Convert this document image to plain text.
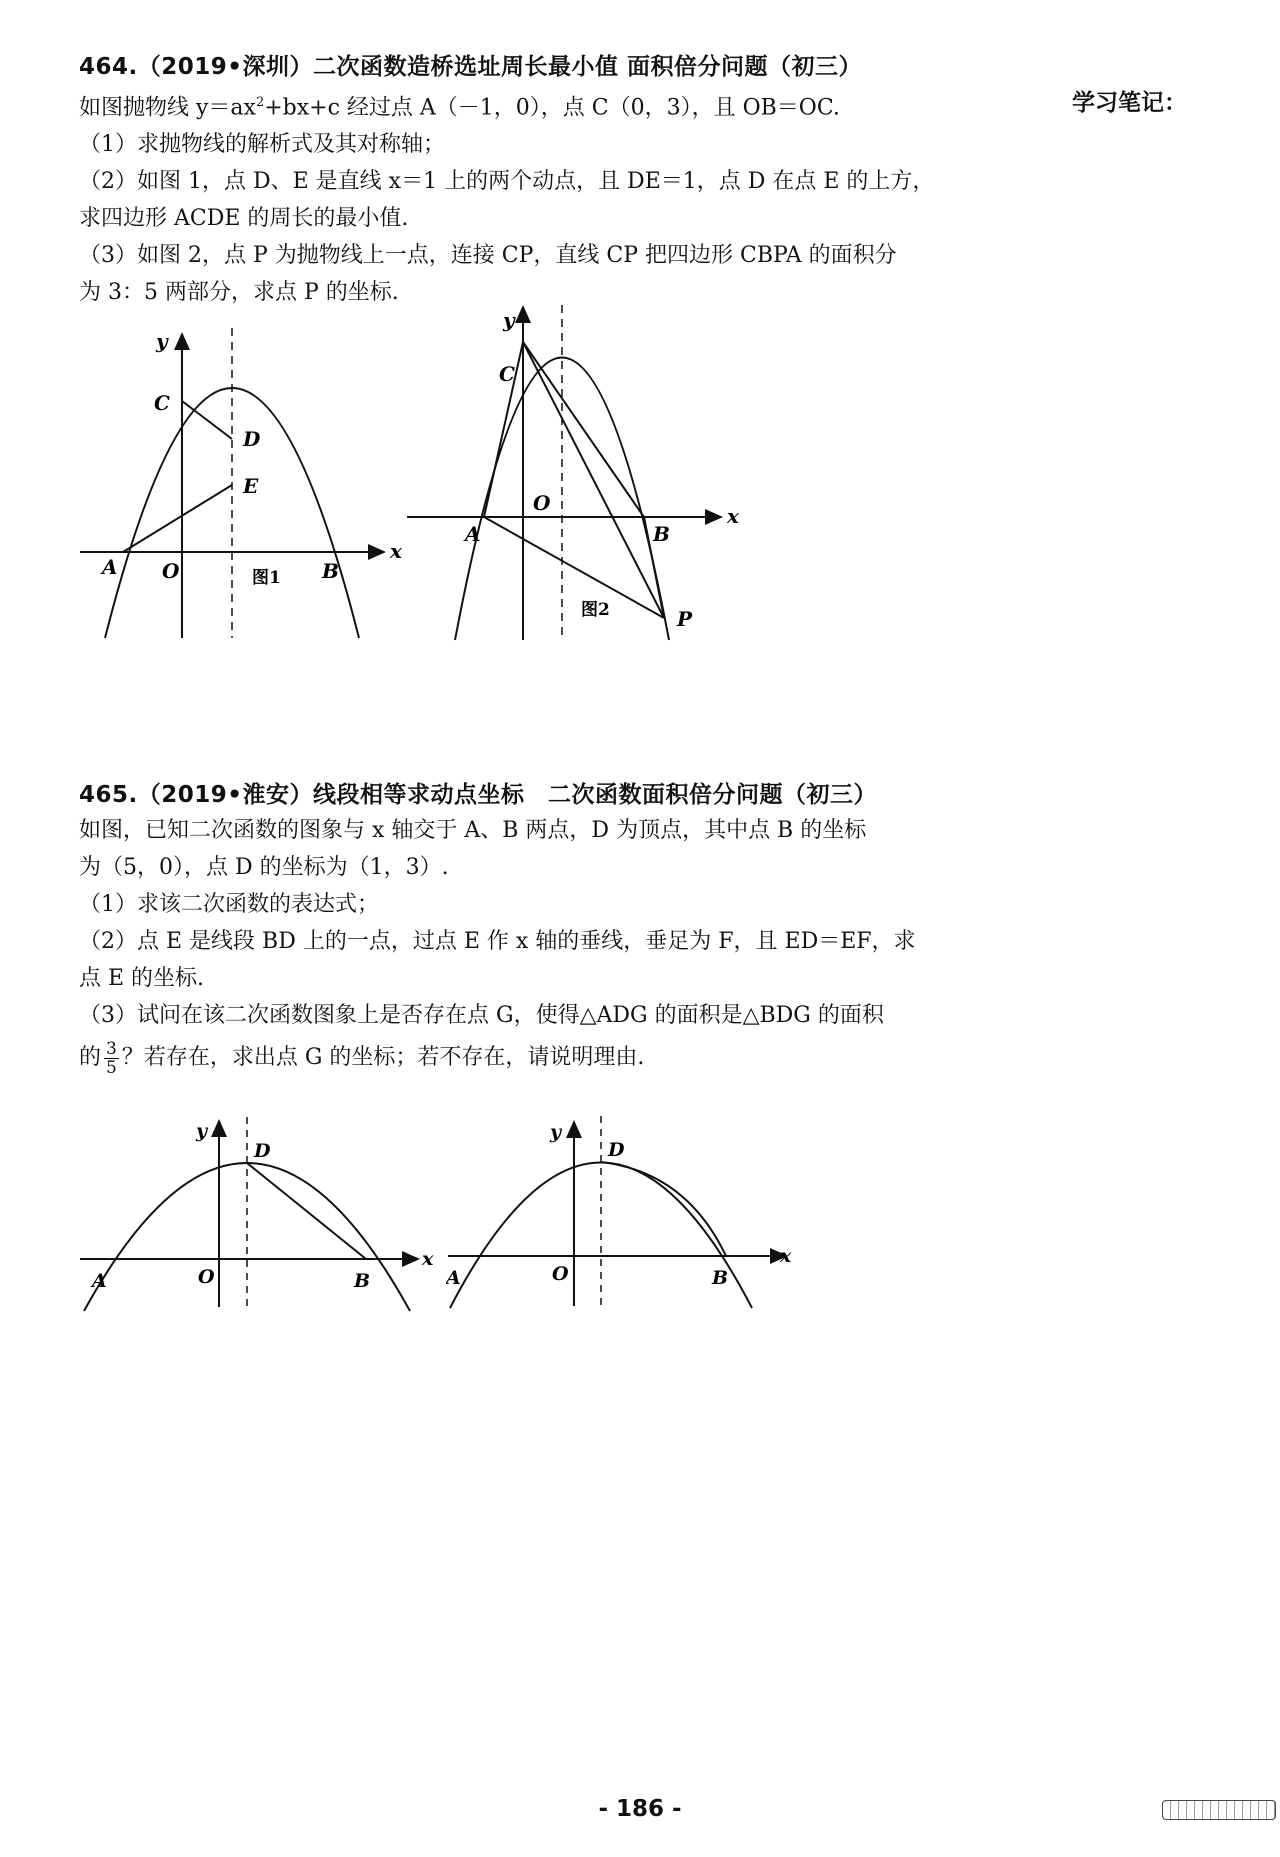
学习笔记：
464.（2019•深圳）二次函数造桥选址周长最小值 面积倍分问题（初三）
如图抛物线 $y=ax^2+bx+c$ 经过点 A（－1，0），点 C（0，3），且 OB＝OC.
（1）求抛物线的解析式及其对称轴；
（2）如图 1，点 D、E 是直线 x＝1 上的两个动点，且 DE＝1，点 D 在点 E 的上方，
求四边形 ACDE 的周长的最小值.
（3）如图 2，点 P 为抛物线上一点，连接 CP，直线 CP 把四边形 CBPA 的面积分
为 3：5 两部分，求点 P 的坐标.
y
x
C
D
E
A O	B
图1
y
x
C
O
A	B
P
图2
465.（2019•淮安）线段相等求动点坐标　二次函数面积倍分问题（初三）
如图，已知二次函数的图象与 x 轴交于 A、B 两点，D 为顶点，其中点 B 的坐标
为（5，0），点 D 的坐标为（1，3）.
（1）求该二次函数的表达式；
（2）点 E 是线段 BD 上的一点，过点 E 作 x 轴的垂线，垂足为 F，且 ED＝EF，求
点 E 的坐标.
（3）试问在该二次函数图象上是否存在点 G，使得△ADG 的面积是△BDG 的面积
的 $\frac{3}{5}$ ？若存在，求出点 G 的坐标；若不存在，请说明理由.
y
D
x
A	O	B
y
D
x
A	O	B
- 186 -
